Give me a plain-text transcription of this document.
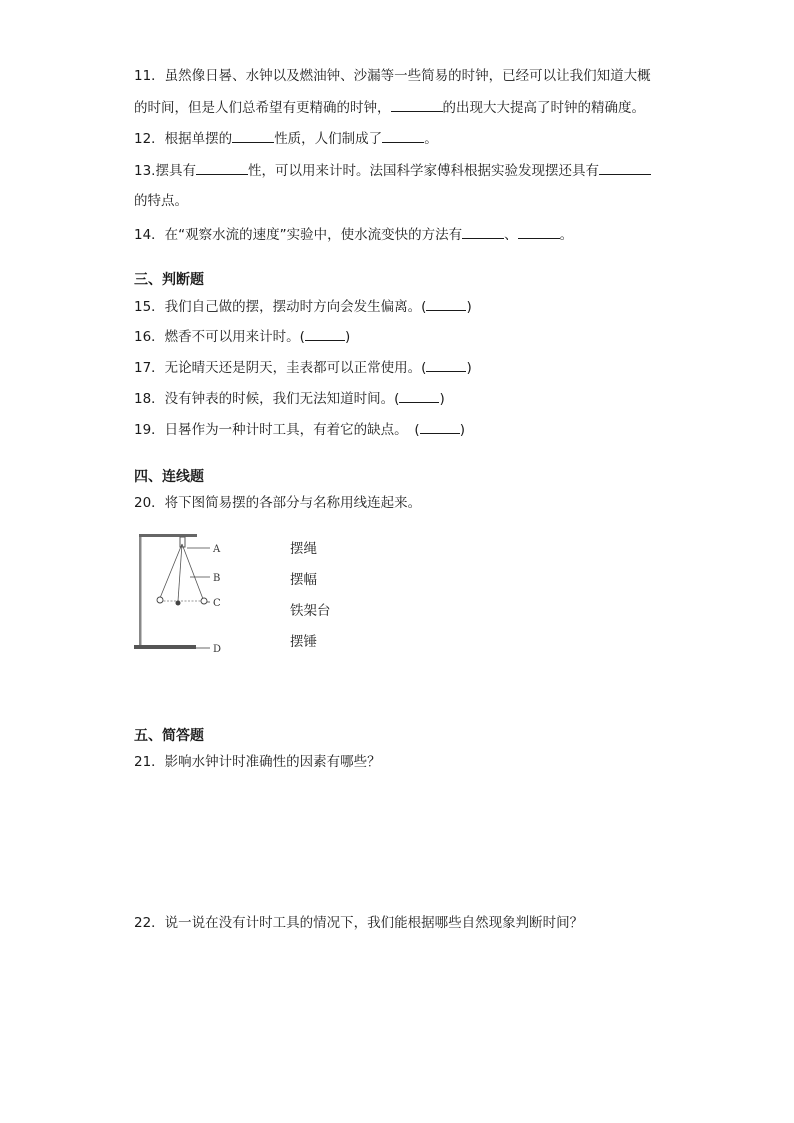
11．虽然像日晷、水钟以及燃油钟、沙漏等一些简易的时钟，已经可以让我们知道大概
的时间，但是人们总希望有更精确的时钟，	的出现大大提高了时钟的精确度。
12．根据单摆的	性质，人们制成了	。
13.摆具有	性，可以用来计时。法国科学家傅科根据实验发现摆还具有
的特点。
14．在“观察水流的速度”实验中，使水流变快的方法有	、	。
三、判断题
15．我们自己做的摆，摆动时方向会发生偏离。(	)
16．燃香不可以用来计时。(	)
17．无论晴天还是阴天，圭表都可以正常使用。(	)
18．没有钟表的时候，我们无法知道时间。(	)
19．日晷作为一种计时工具，有着它的缺点。　(	)
四、连线题
20．将下图简易摆的各部分与名称用线连起来。
A
B
C
D
摆绳
摆幅
铁架台
摆锤
五、简答题
21．影响水钟计时准确性的因素有哪些？
22．说一说在没有计时工具的情况下，我们能根据哪些自然现象判断时间？
